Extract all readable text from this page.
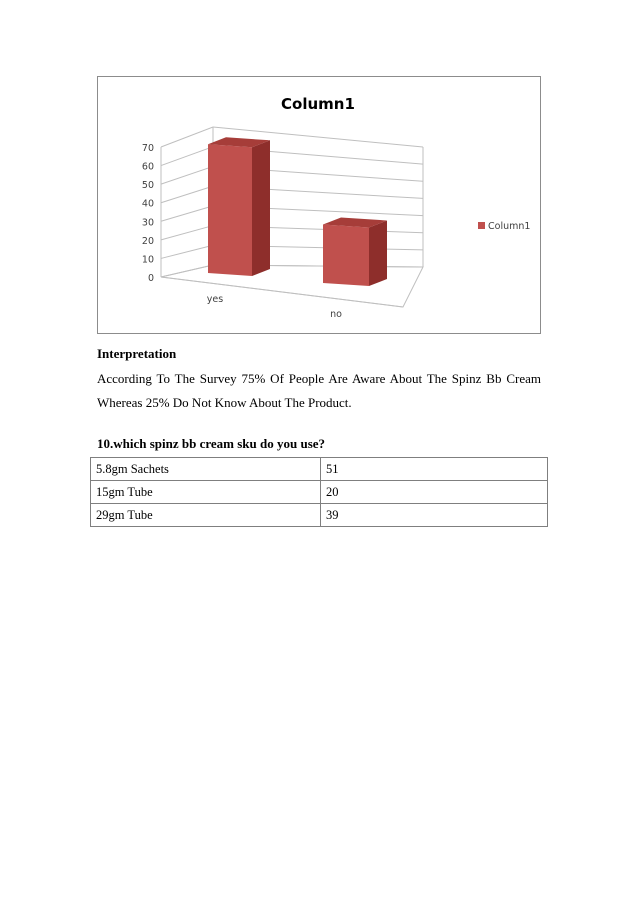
0
10
20
30
40
50
60
70
yes
no
Column1
Column1
Interpretation
According To The Survey 75% Of People Are Aware About The Spinz Bb Cream Whereas 25% Do Not Know About The Product.
10.which spinz bb cream sku do you use?
5.8gm Sachets	51
15gm Tube	20
29gm Tube	39
